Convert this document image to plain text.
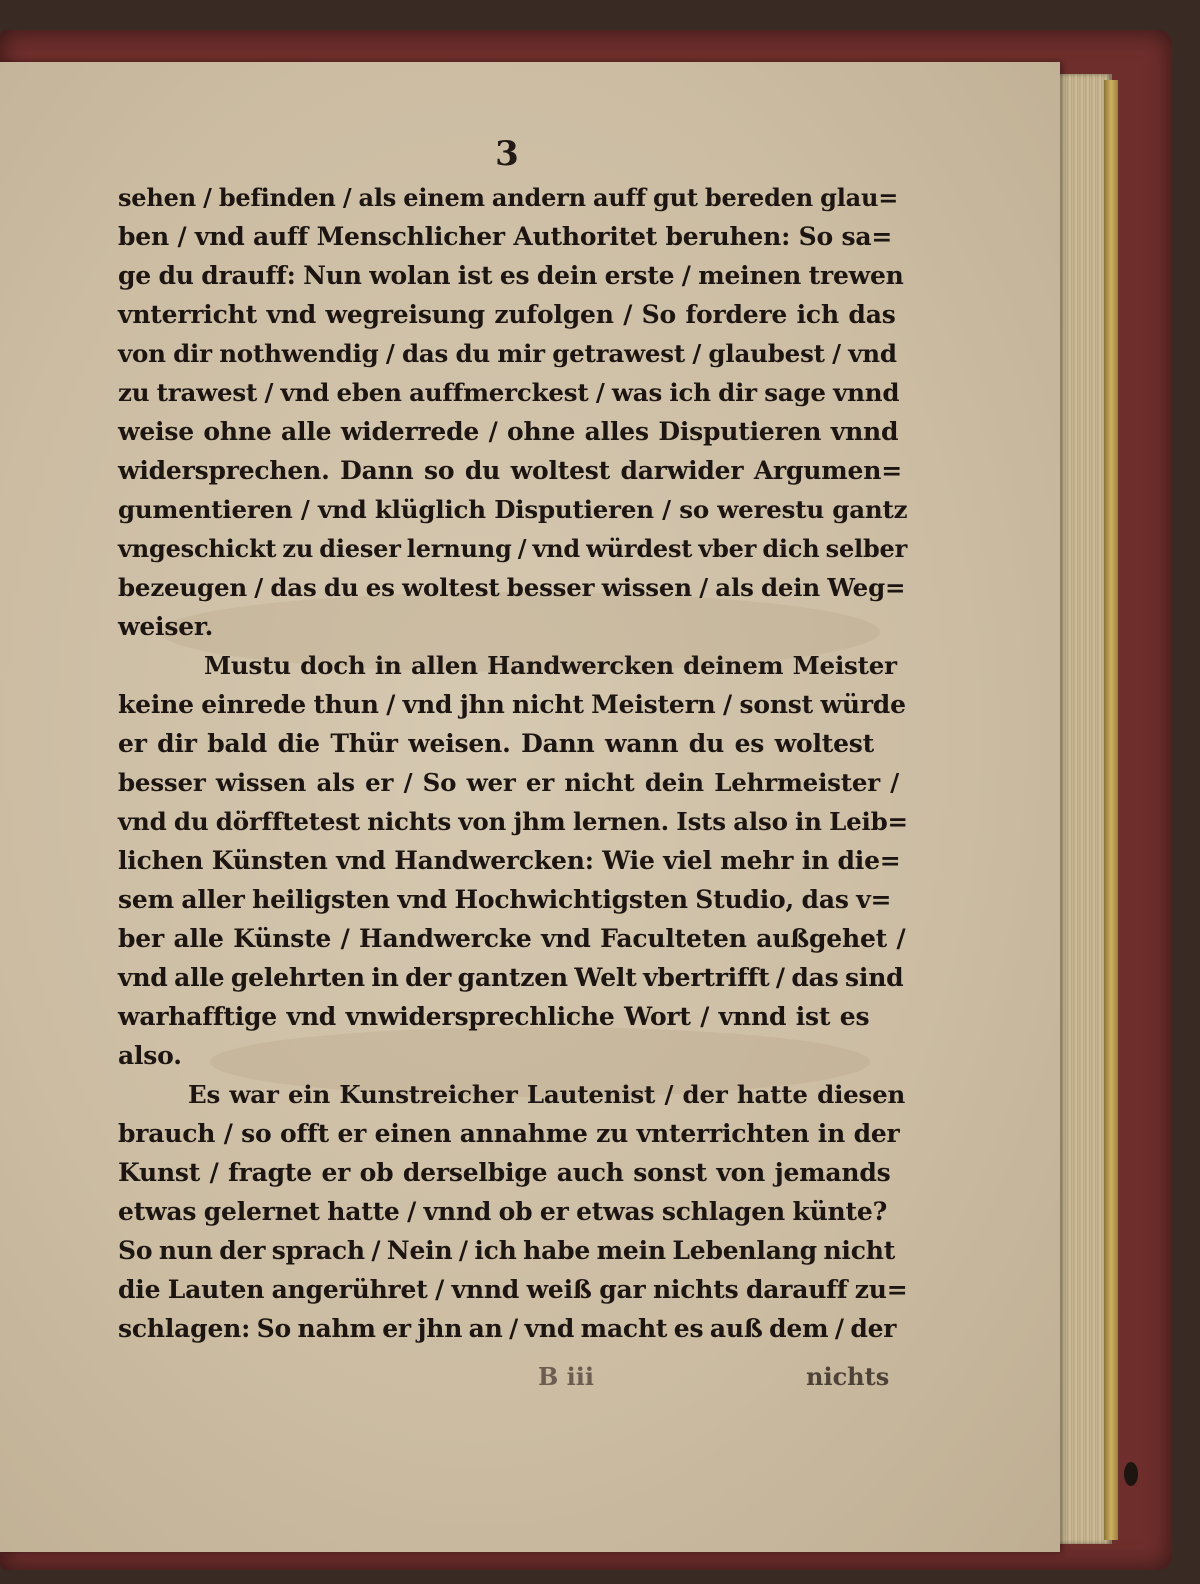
3
sehen / befinden / als einem andern auff gut bereden glau=
ben / vnd auff Menschlicher Authoritet beruhen: So sa=
ge du drauff: Nun wolan ist es dein erste / meinen trewen
vnterricht vnd wegreisung zufolgen / So fordere ich das
von dir nothwendig / das du mir getrawest / glaubest / vnd
zu trawest / vnd eben auffmerckest / was ich dir sage vnnd
weise ohne alle widerrede / ohne alles Disputieren vnnd
widersprechen. Dann so du woltest darwider Argumen=
gumentieren / vnd klüglich Disputieren / so werestu gantz
vngeschickt zu dieser lernung / vnd würdest vber dich selber
bezeugen / das du es woltest besser wissen / als dein Weg=
weiser.
Mustu doch in allen Handwercken deinem Meister
keine einrede thun / vnd jhn nicht Meistern / sonst würde
er dir bald die Thür weisen. Dann wann du es woltest
besser wissen als er / So wer er nicht dein Lehrmeister /
vnd du dörfftetest nichts von jhm lernen. Ists also in Leib=
lichen Künsten vnd Handwercken: Wie viel mehr in die=
sem aller heiligsten vnd Hochwichtigsten Studio, das v=
ber alle Künste / Handwercke vnd Faculteten außgehet /
vnd alle gelehrten in der gantzen Welt vbertrifft / das sind
warhafftige vnd vnwidersprechliche Wort / vnnd ist es
also.
Es war ein Kunstreicher Lautenist / der hatte diesen
brauch / so offt er einen annahme zu vnterrichten in der
Kunst / fragte er ob derselbige auch sonst von jemands
etwas gelernet hatte / vnnd ob er etwas schlagen künte?
So nun der sprach / Nein / ich habe mein Lebenlang nicht
die Lauten angerühret / vnnd weiß gar nichts darauff zu=
schlagen: So nahm er jhn an / vnd macht es auß dem / der
B iii	nichts
